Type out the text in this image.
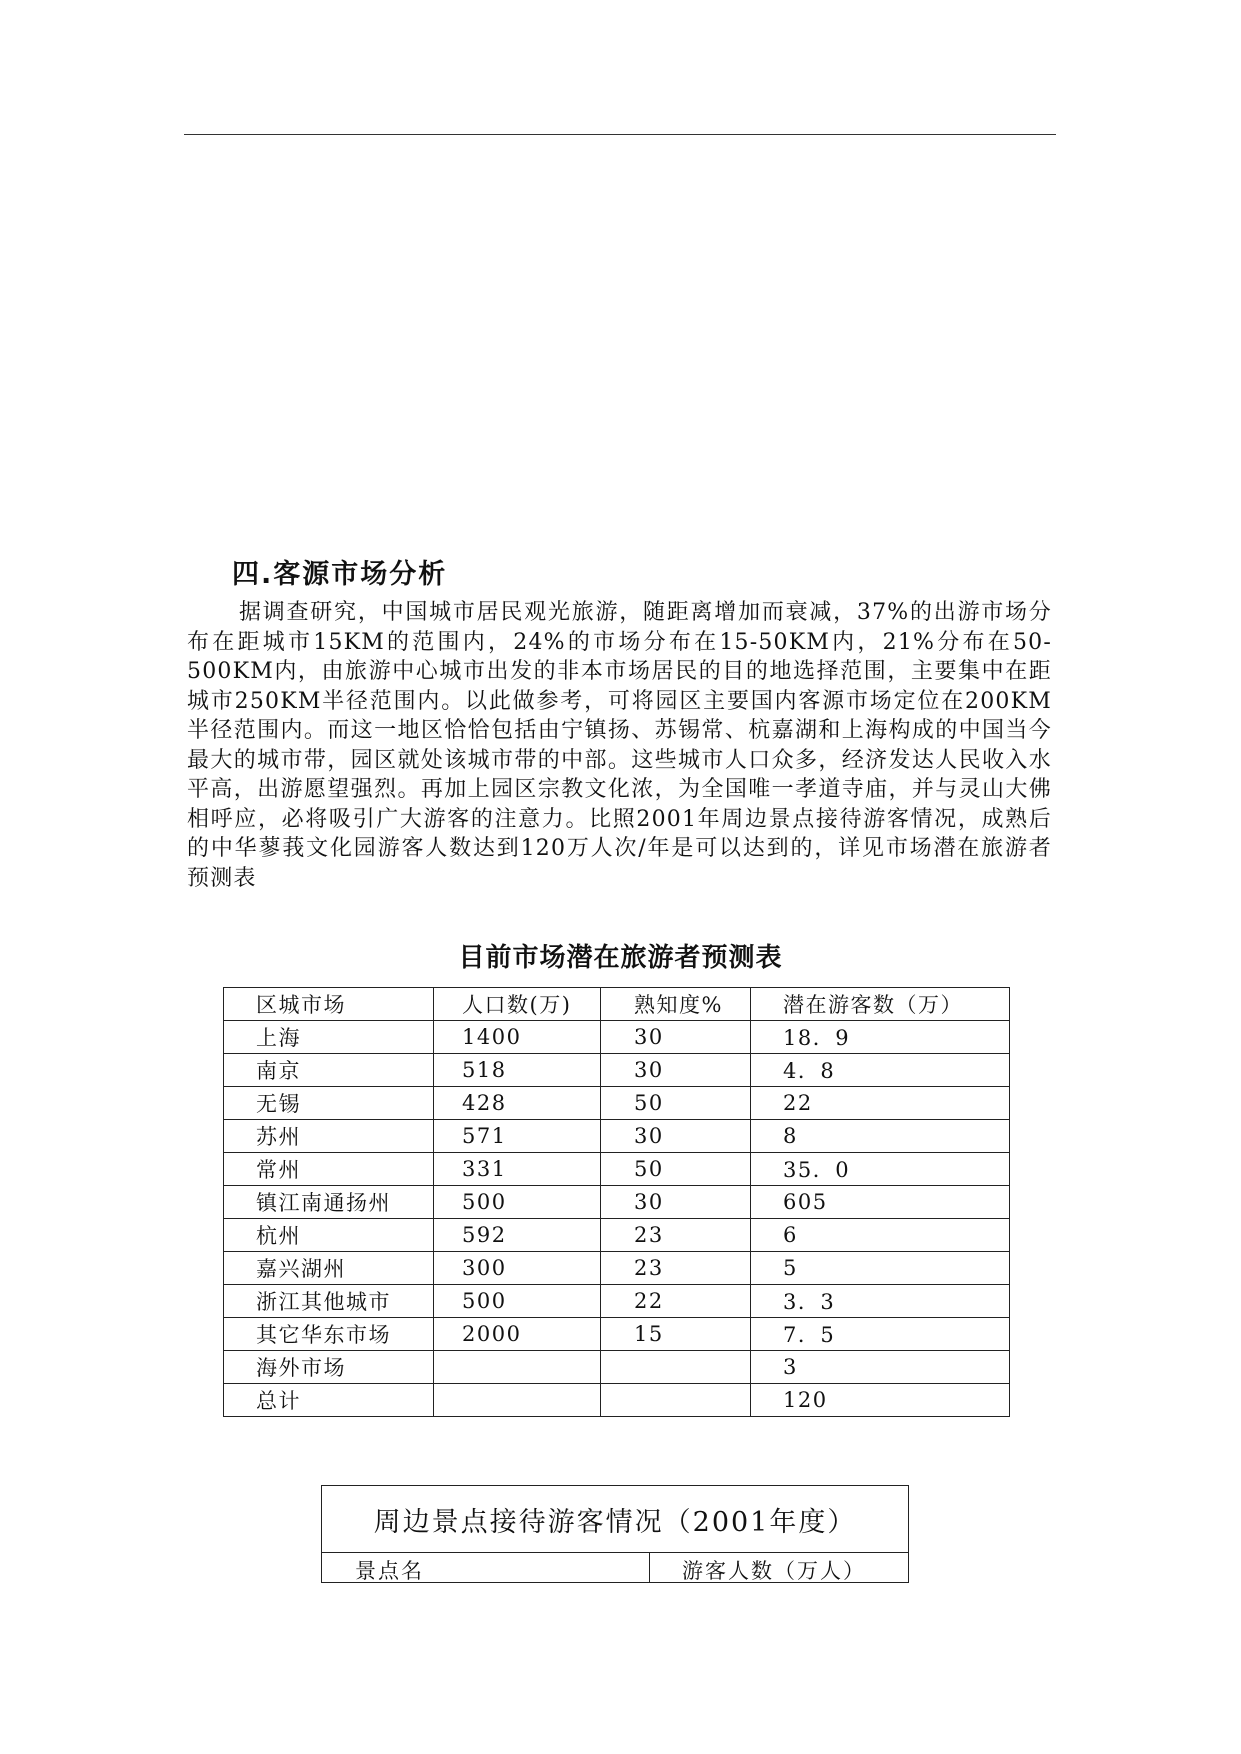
四.客源市场分析

据调查研究，中国城市居民观光旅游，随距离增加而衰减，37%的出游市场分布在距城市15KM的范围内，24%的市场分布在15-50KM内，21%分布在50-500KM内，由旅游中心城市出发的非本市场居民的目的地选择范围，主要集中在距城市250KM半径范围内。以此做参考，可将园区主要国内客源市场定位在200KM半径范围内。而这一地区恰恰包括由宁镇扬、苏锡常、杭嘉湖和上海构成的中国当今最大的城市带，园区就处该城市带的中部。这些城市人口众多，经济发达人民收入水平高，出游愿望强烈。再加上园区宗教文化浓，为全国唯一孝道寺庙，并与灵山大佛相呼应，必将吸引广大游客的注意力。比照2001年周边景点接待游客情况，成熟后的中华蓼莪文化园游客人数达到120万人次/年是可以达到的，详见市场潜在旅游者预测表

目前市场潜在旅游者预测表
区城市场	人口数(万)	熟知度%	潜在游客数（万）
上海	1400	30	18．9
南京	518	30	4．8
无锡	428	50	22
苏州	571	30	8
常州	331	50	35．0
镇江南通扬州	500	30	605
杭州	592	23	6
嘉兴湖州	300	23	5
浙江其他城市	500	22	3．3
其它华东市场	2000	15	7．5
海外市场			3
总计			120
周边景点接待游客情况（2001年度）
景点名	游客人数（万人）
